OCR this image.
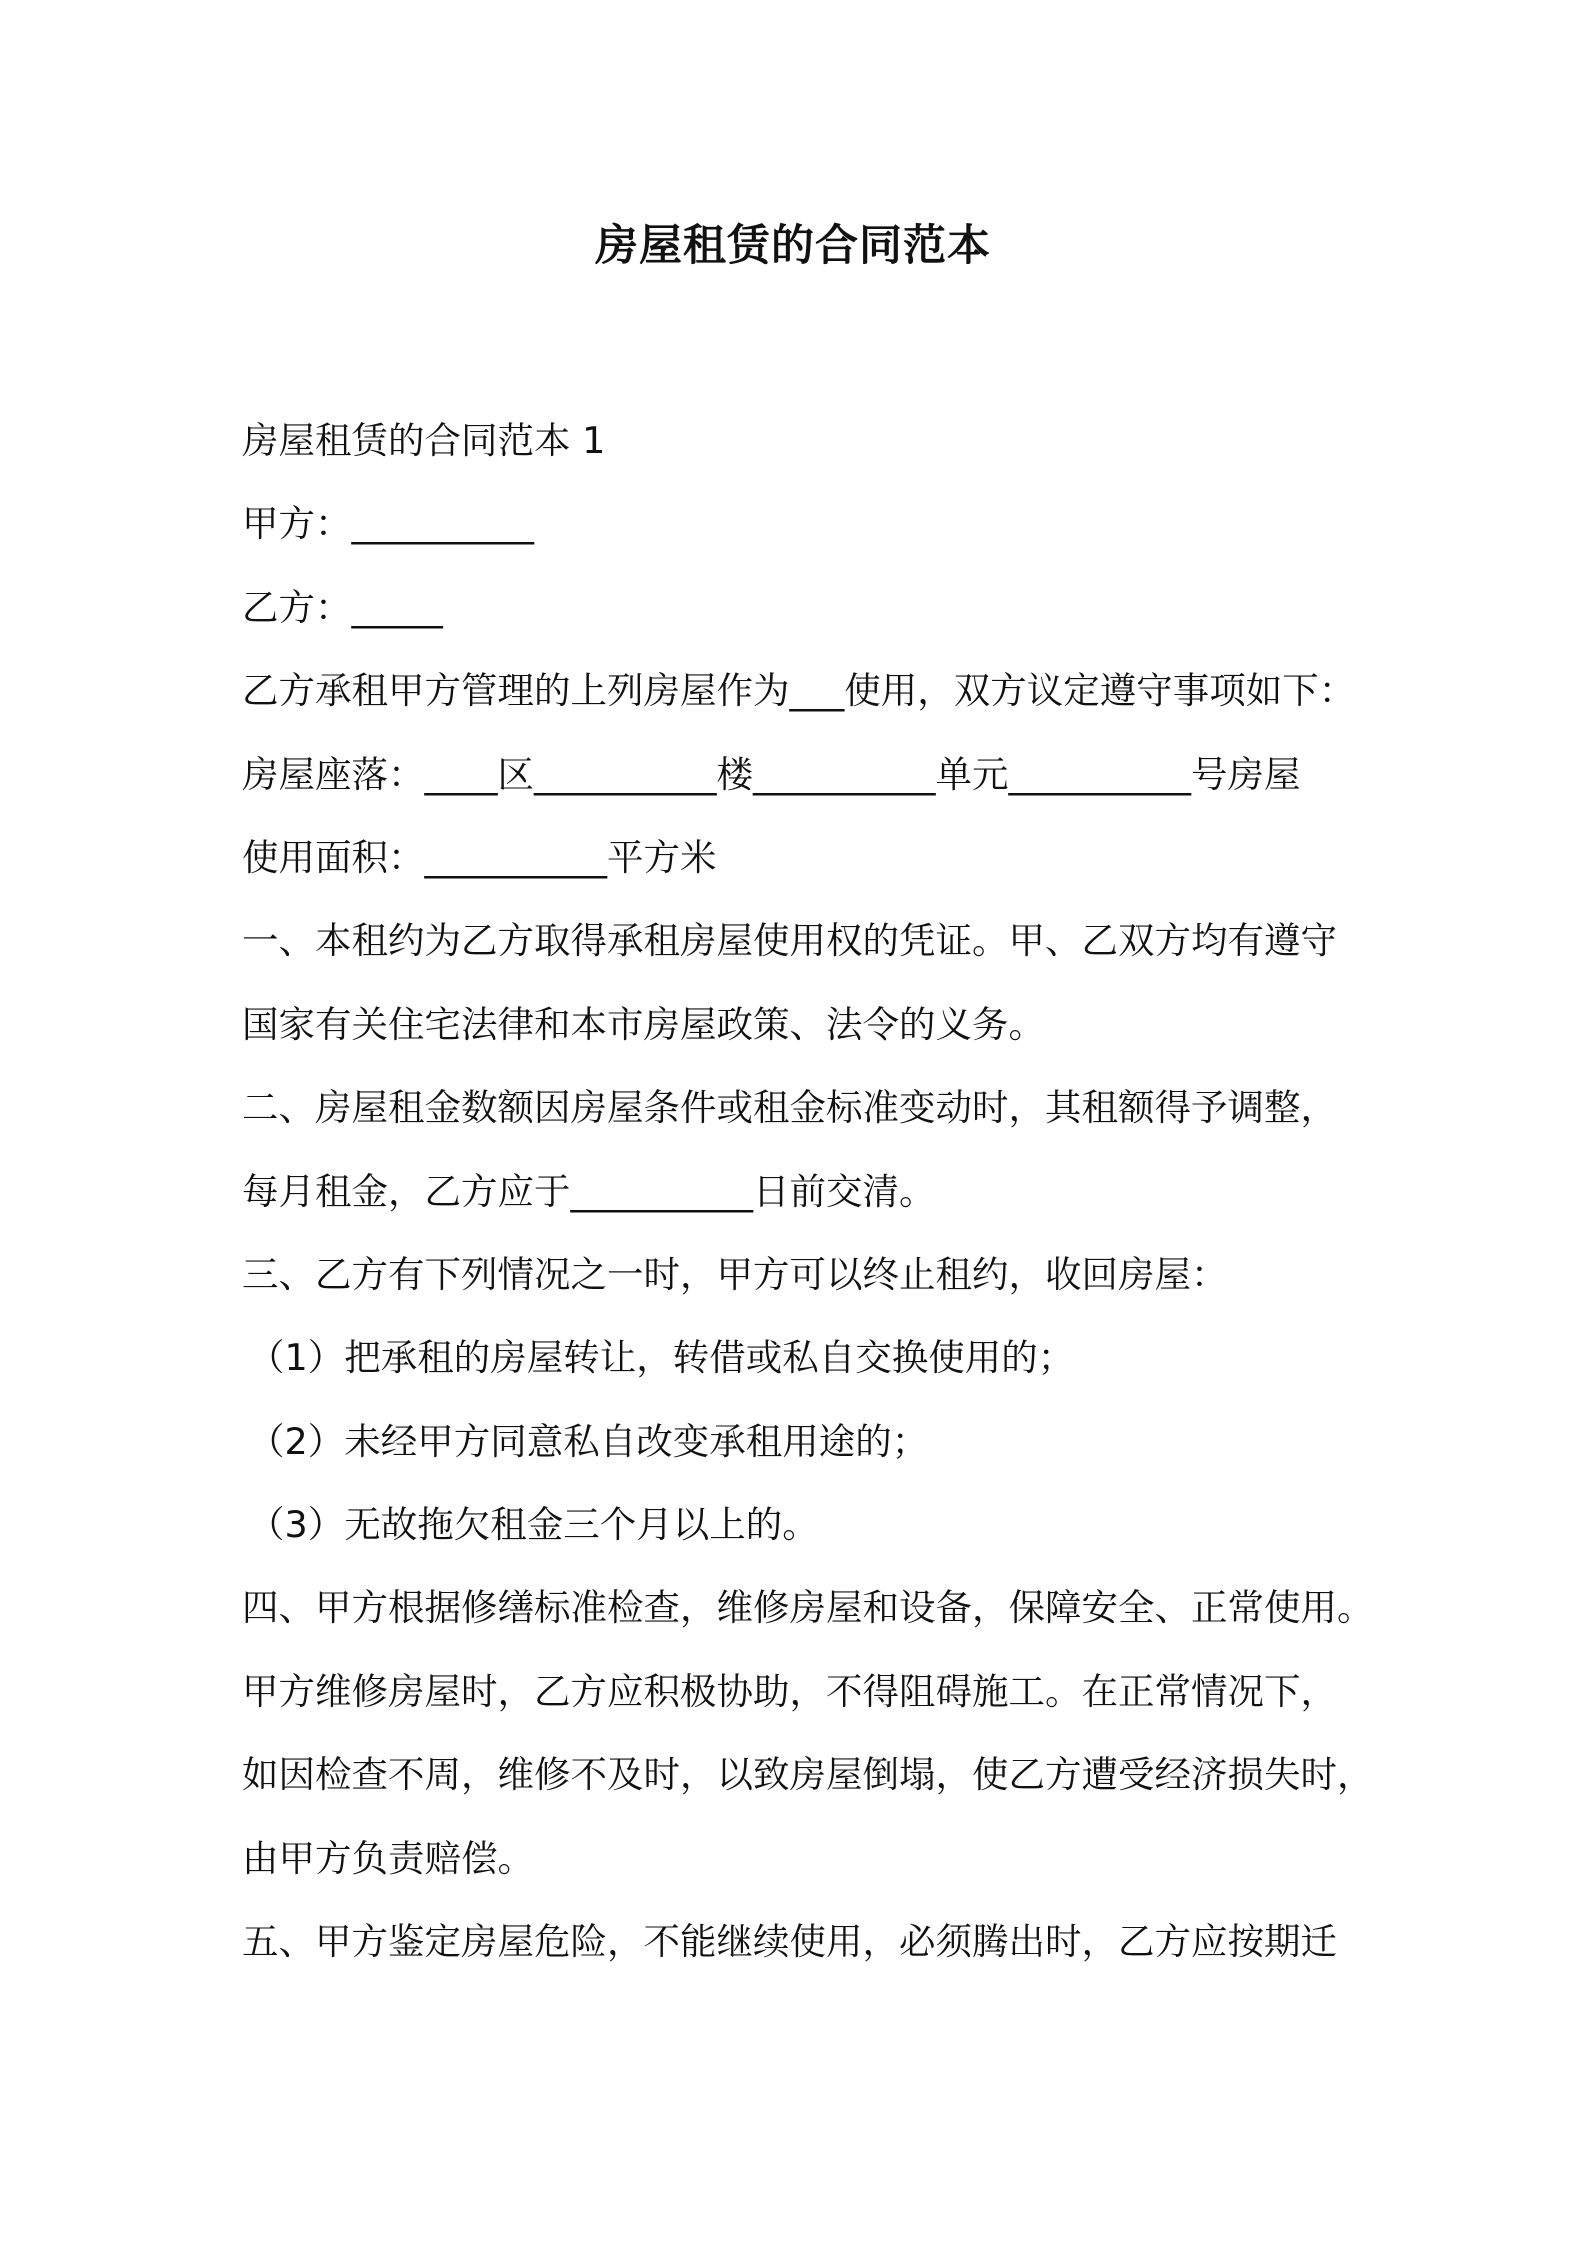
房屋租赁的合同范本

房屋租赁的合同范本 1

甲方：__________

乙方：_____

乙方承租甲方管理的上列房屋作为___使用，双方议定遵守事项如下：

房屋座落：____区__________楼__________单元__________号房屋

使用面积：__________平方米

一、本租约为乙方取得承租房屋使用权的凭证。甲、乙双方均有遵守

国家有关住宅法律和本市房屋政策、法令的义务。

二、房屋租金数额因房屋条件或租金标准变动时，其租额得予调整，

每月租金，乙方应于__________日前交清。

三、乙方有下列情况之一时，甲方可以终止租约，收回房屋：

（1）把承租的房屋转让，转借或私自交换使用的；

（2）未经甲方同意私自改变承租用途的；

（3）无故拖欠租金三个月以上的。

四、甲方根据修缮标准检查，维修房屋和设备，保障安全、正常使用。

甲方维修房屋时，乙方应积极协助，不得阻碍施工。在正常情况下，

如因检查不周，维修不及时，以致房屋倒塌，使乙方遭受经济损失时，

由甲方负责赔偿。

五、甲方鉴定房屋危险，不能继续使用，必须腾出时，乙方应按期迁
